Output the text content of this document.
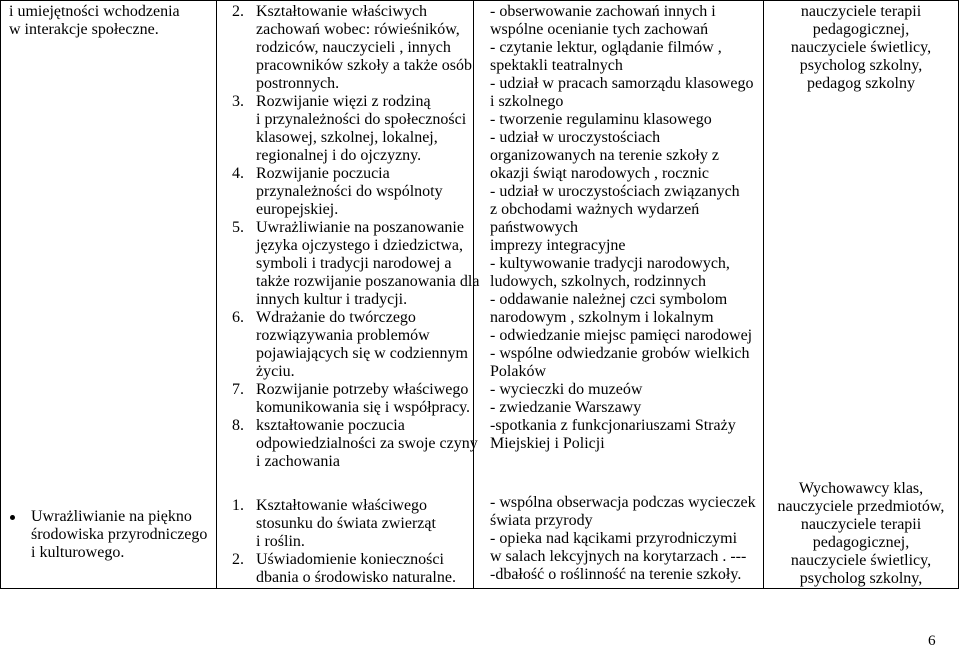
i umiejętności wchodzenia
w interakcje społeczne.
Uwrażliwianie na piękno
środowiska przyrodniczego
i kulturowego.
2. Kształtowanie właściwych
zachowań wobec: rówieśników,
rodziców, nauczycieli , innych
pracowników szkoły a także osób
postronnych.
3. Rozwijanie więzi z rodziną
i przynależności do społeczności
klasowej, szkolnej, lokalnej,
regionalnej i do ojczyzny.
4. Rozwijanie poczucia
przynależności do wspólnoty
europejskiej.
5. Uwrażliwianie na poszanowanie
języka ojczystego i dziedzictwa,
symboli i tradycji narodowej a
także rozwijanie poszanowania dla
innych kultur i tradycji.
6. Wdrażanie do twórczego
rozwiązywania problemów
pojawiających się w codziennym
życiu.
7. Rozwijanie potrzeby właściwego
komunikowania się i współpracy.
8. kształtowanie poczucia
odpowiedzialności za swoje czyny
i zachowania
1. Kształtowanie właściwego
stosunku do świata zwierząt
i roślin.
2. Uświadomienie konieczności
dbania o środowisko naturalne.
- obserwowanie zachowań innych i
wspólne ocenianie tych zachowań
- czytanie lektur, oglądanie filmów ,
spektakli teatralnych
- udział w pracach samorządu klasowego
i szkolnego
- tworzenie regulaminu klasowego
- udział w uroczystościach
organizowanych na terenie szkoły z
okazji świąt narodowych , rocznic
- udział w uroczystościach związanych
z obchodami ważnych wydarzeń
państwowych
imprezy integracyjne
- kultywowanie tradycji narodowych,
ludowych, szkolnych, rodzinnych
- oddawanie należnej czci symbolom
narodowym , szkolnym i lokalnym
- odwiedzanie miejsc pamięci narodowej
- wspólne odwiedzanie grobów wielkich
Polaków
- wycieczki do muzeów
- zwiedzanie Warszawy
-spotkania z funkcjonariuszami Straży
Miejskiej i Policji
- wspólna obserwacja podczas wycieczek
świata przyrody
- opieka nad kącikami przyrodniczymi
w salach lekcyjnych na korytarzach . ---
-dbałość o roślinność na terenie szkoły.
nauczyciele terapii
pedagogicznej,
nauczyciele świetlicy,
psycholog szkolny,
pedagog szkolny
Wychowawcy klas,
nauczyciele przedmiotów,
nauczyciele terapii
pedagogicznej,
nauczyciele świetlicy,
psycholog szkolny,
6
